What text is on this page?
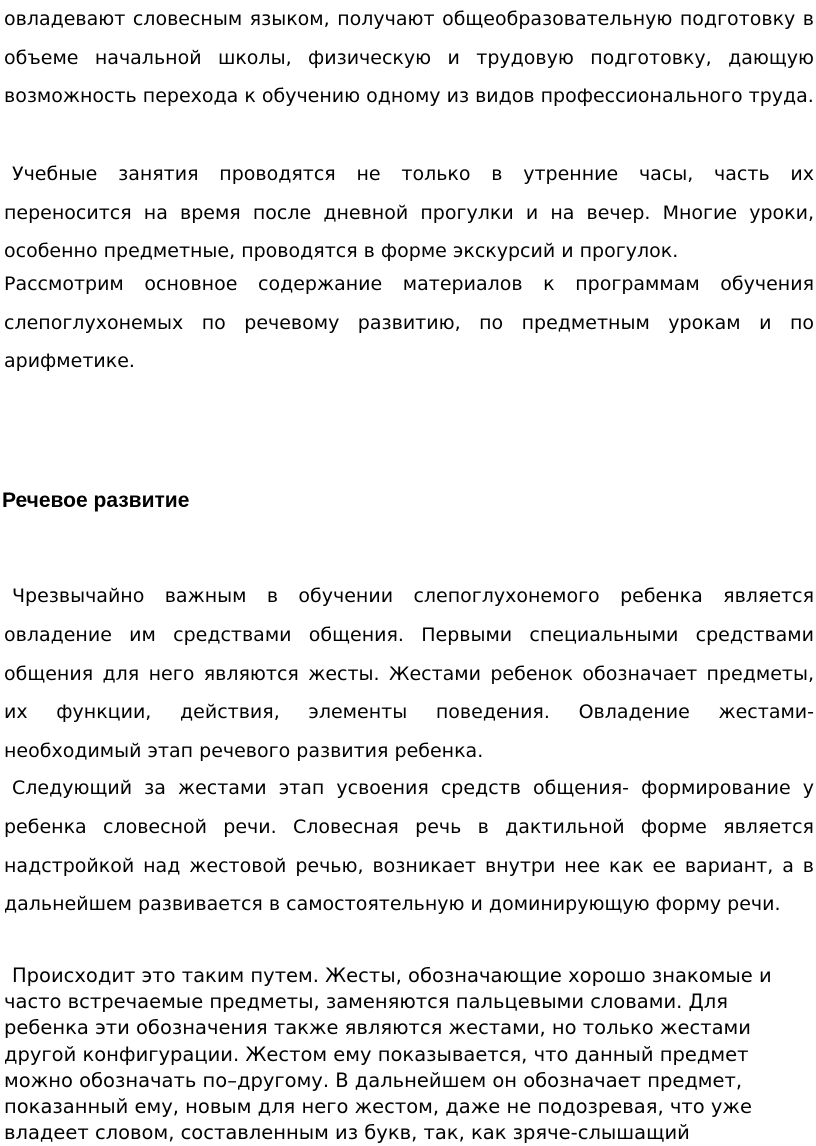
овладевают словесным языком, получают общеобразовательную подготовку в объеме начальной школы, физическую и трудовую подготовку, дающую возможность перехода к обучению одному из видов профессионального труда.

Учебные занятия проводятся не только в утренние часы, часть их переносится на время после дневной прогулки и на вечер. Многие уроки, особенно предметные, проводятся в форме экскурсий и прогулок.

Рассмотрим основное содержание материалов к программам обучения слепоглухонемых по речевому развитию, по предметным урокам и по арифметике.

Речевое развитие

Чрезвычайно важным в обучении слепоглухонемого ребенка является овладение им средствами общения. Первыми специальными средствами общения для него являются жесты. Жестами ребенок обозначает предметы, их функции, действия, элементы поведения. Овладение жестами- необходимый этап речевого развития ребенка.

Следующий за жестами этап усвоения средств общения- формирование у ребенка словесной речи. Словесная речь в дактильной форме является надстройкой над жестовой речью, возникает внутри нее как ее вариант, а в дальнейшем развивается в самостоятельную и доминирующую форму речи.

Происходит это таким путем. Жесты, обозначающие хорошо знакомые и часто встречаемые предметы, заменяются пальцевыми словами. Для ребенка эти обозначения также являются жестами, но только жестами другой конфигурации. Жестом ему показывается, что данный предмет можно обозначать по–другому. В дальнейшем он обозначает предмет, показанный ему, новым для него жестом, даже не подозревая, что уже владеет словом, составленным из букв, так, как зряче-слышащий
